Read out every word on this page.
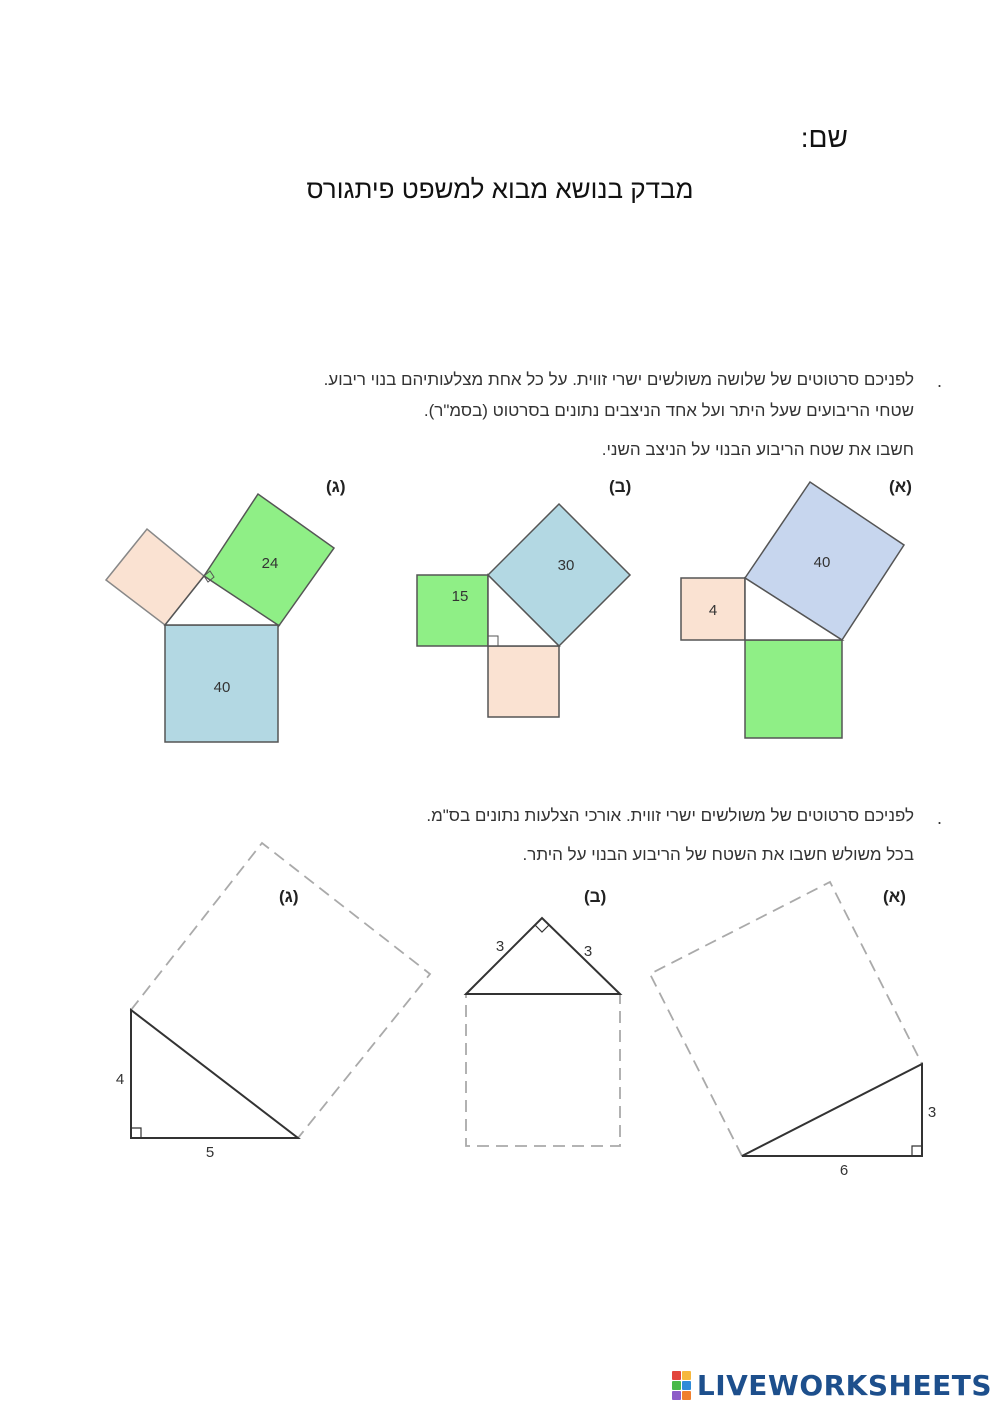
שם:
מבדק בנושא מבוא למשפט פיתגורס
.
לפניכם סרטוטים של שלושה משולשים ישרי זווית. על כל אחת מצלעותיהם בנוי ריבוע.
שטחי הריבועים שעל היתר ועל אחד הניצבים נתונים בסרטוט (בסמ"ר).
חשבו את שטח הריבוע הבנוי על הניצב השני.
(א)
(ב)
(ג)
40
4
30
15
24
40
.
לפניכם סרטוטים של משולשים ישרי זווית. אורכי הצלעות נתונים בס"מ.
בכל משולש חשבו את השטח של הריבוע הבנוי על היתר.
(א)
(ב)
(ג)
3
6
3	3
4
5
LIVEWORKSHEETS
